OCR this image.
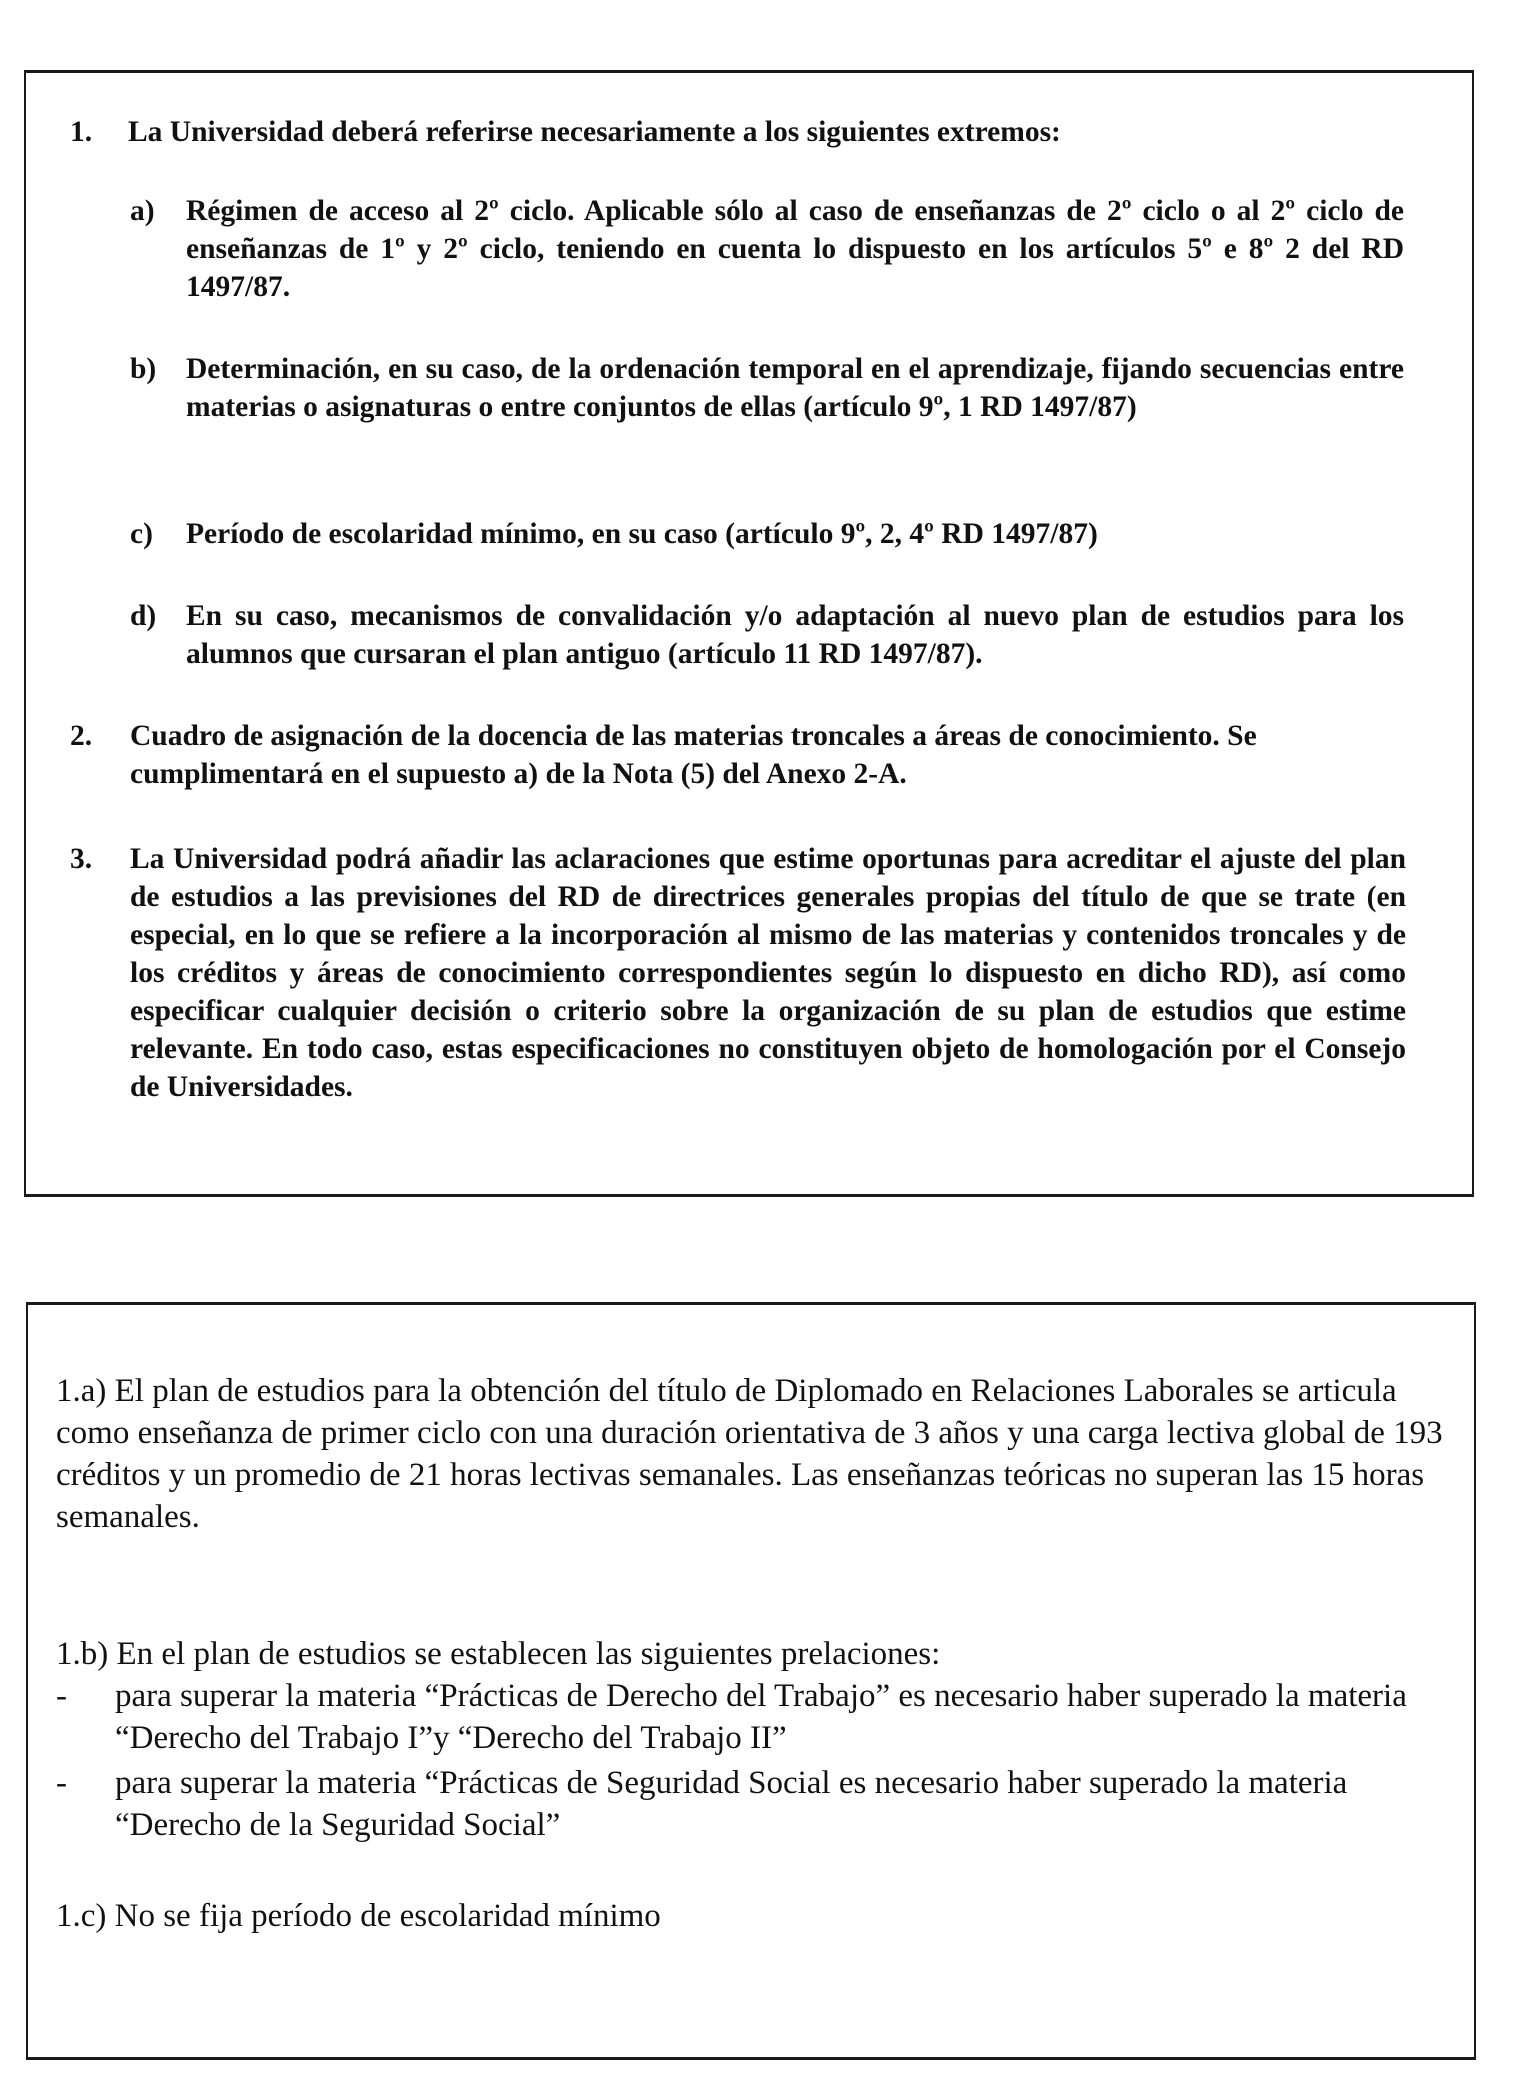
1. La Universidad deberá referirse necesariamente a los siguientes extremos:
a) Régimen de acceso al 2º ciclo. Aplicable sólo al caso de enseñanzas de 2º ciclo o al 2º ciclo de enseñanzas de 1º y 2º ciclo, teniendo en cuenta lo dispuesto en los artículos 5º e 8º 2 del RD 1497/87.
b) Determinación, en su caso, de la ordenación temporal en el aprendizaje, fijando secuencias entre materias o asignaturas o entre conjuntos de ellas (artículo 9º, 1 RD 1497/87)
c) Período de escolaridad mínimo, en su caso (artículo 9º, 2, 4º RD 1497/87)
d) En su caso, mecanismos de convalidación y/o adaptación al nuevo plan de estudios para los alumnos que cursaran el plan antiguo (artículo 11 RD 1497/87).
2. Cuadro de asignación de la docencia de las materias troncales a áreas de conocimiento. Se cumplimentará en el supuesto a) de la Nota (5) del Anexo 2-A.
3. La Universidad podrá añadir las aclaraciones que estime oportunas para acreditar el ajuste del plan de estudios a las previsiones del RD de directrices generales propias del título de que se trate (en especial, en lo que se refiere a la incorporación al mismo de las materias y contenidos troncales y de los créditos y áreas de conocimiento correspondientes según lo dispuesto en dicho RD), así como especificar cualquier decisión o criterio sobre la organización de su plan de estudios que estime relevante. En todo caso, estas especificaciones no constituyen objeto de homologación por el Consejo de Universidades.
1.a) El plan de estudios para la obtención del título de Diplomado en Relaciones Laborales se articula como enseñanza de primer ciclo con una duración orientativa de 3 años y una carga lectiva global de 193 créditos y un promedio de 21 horas lectivas semanales. Las enseñanzas teóricas no superan las 15 horas semanales.
1.b) En el plan de estudios se establecen las siguientes prelaciones:
- para superar la materia “Prácticas de Derecho del Trabajo” es necesario haber superado la materia “Derecho del Trabajo I”y “Derecho del Trabajo II”
- para superar la materia “Prácticas de Seguridad Social es necesario haber superado la materia “Derecho de la Seguridad Social”
1.c) No se fija período de escolaridad mínimo
